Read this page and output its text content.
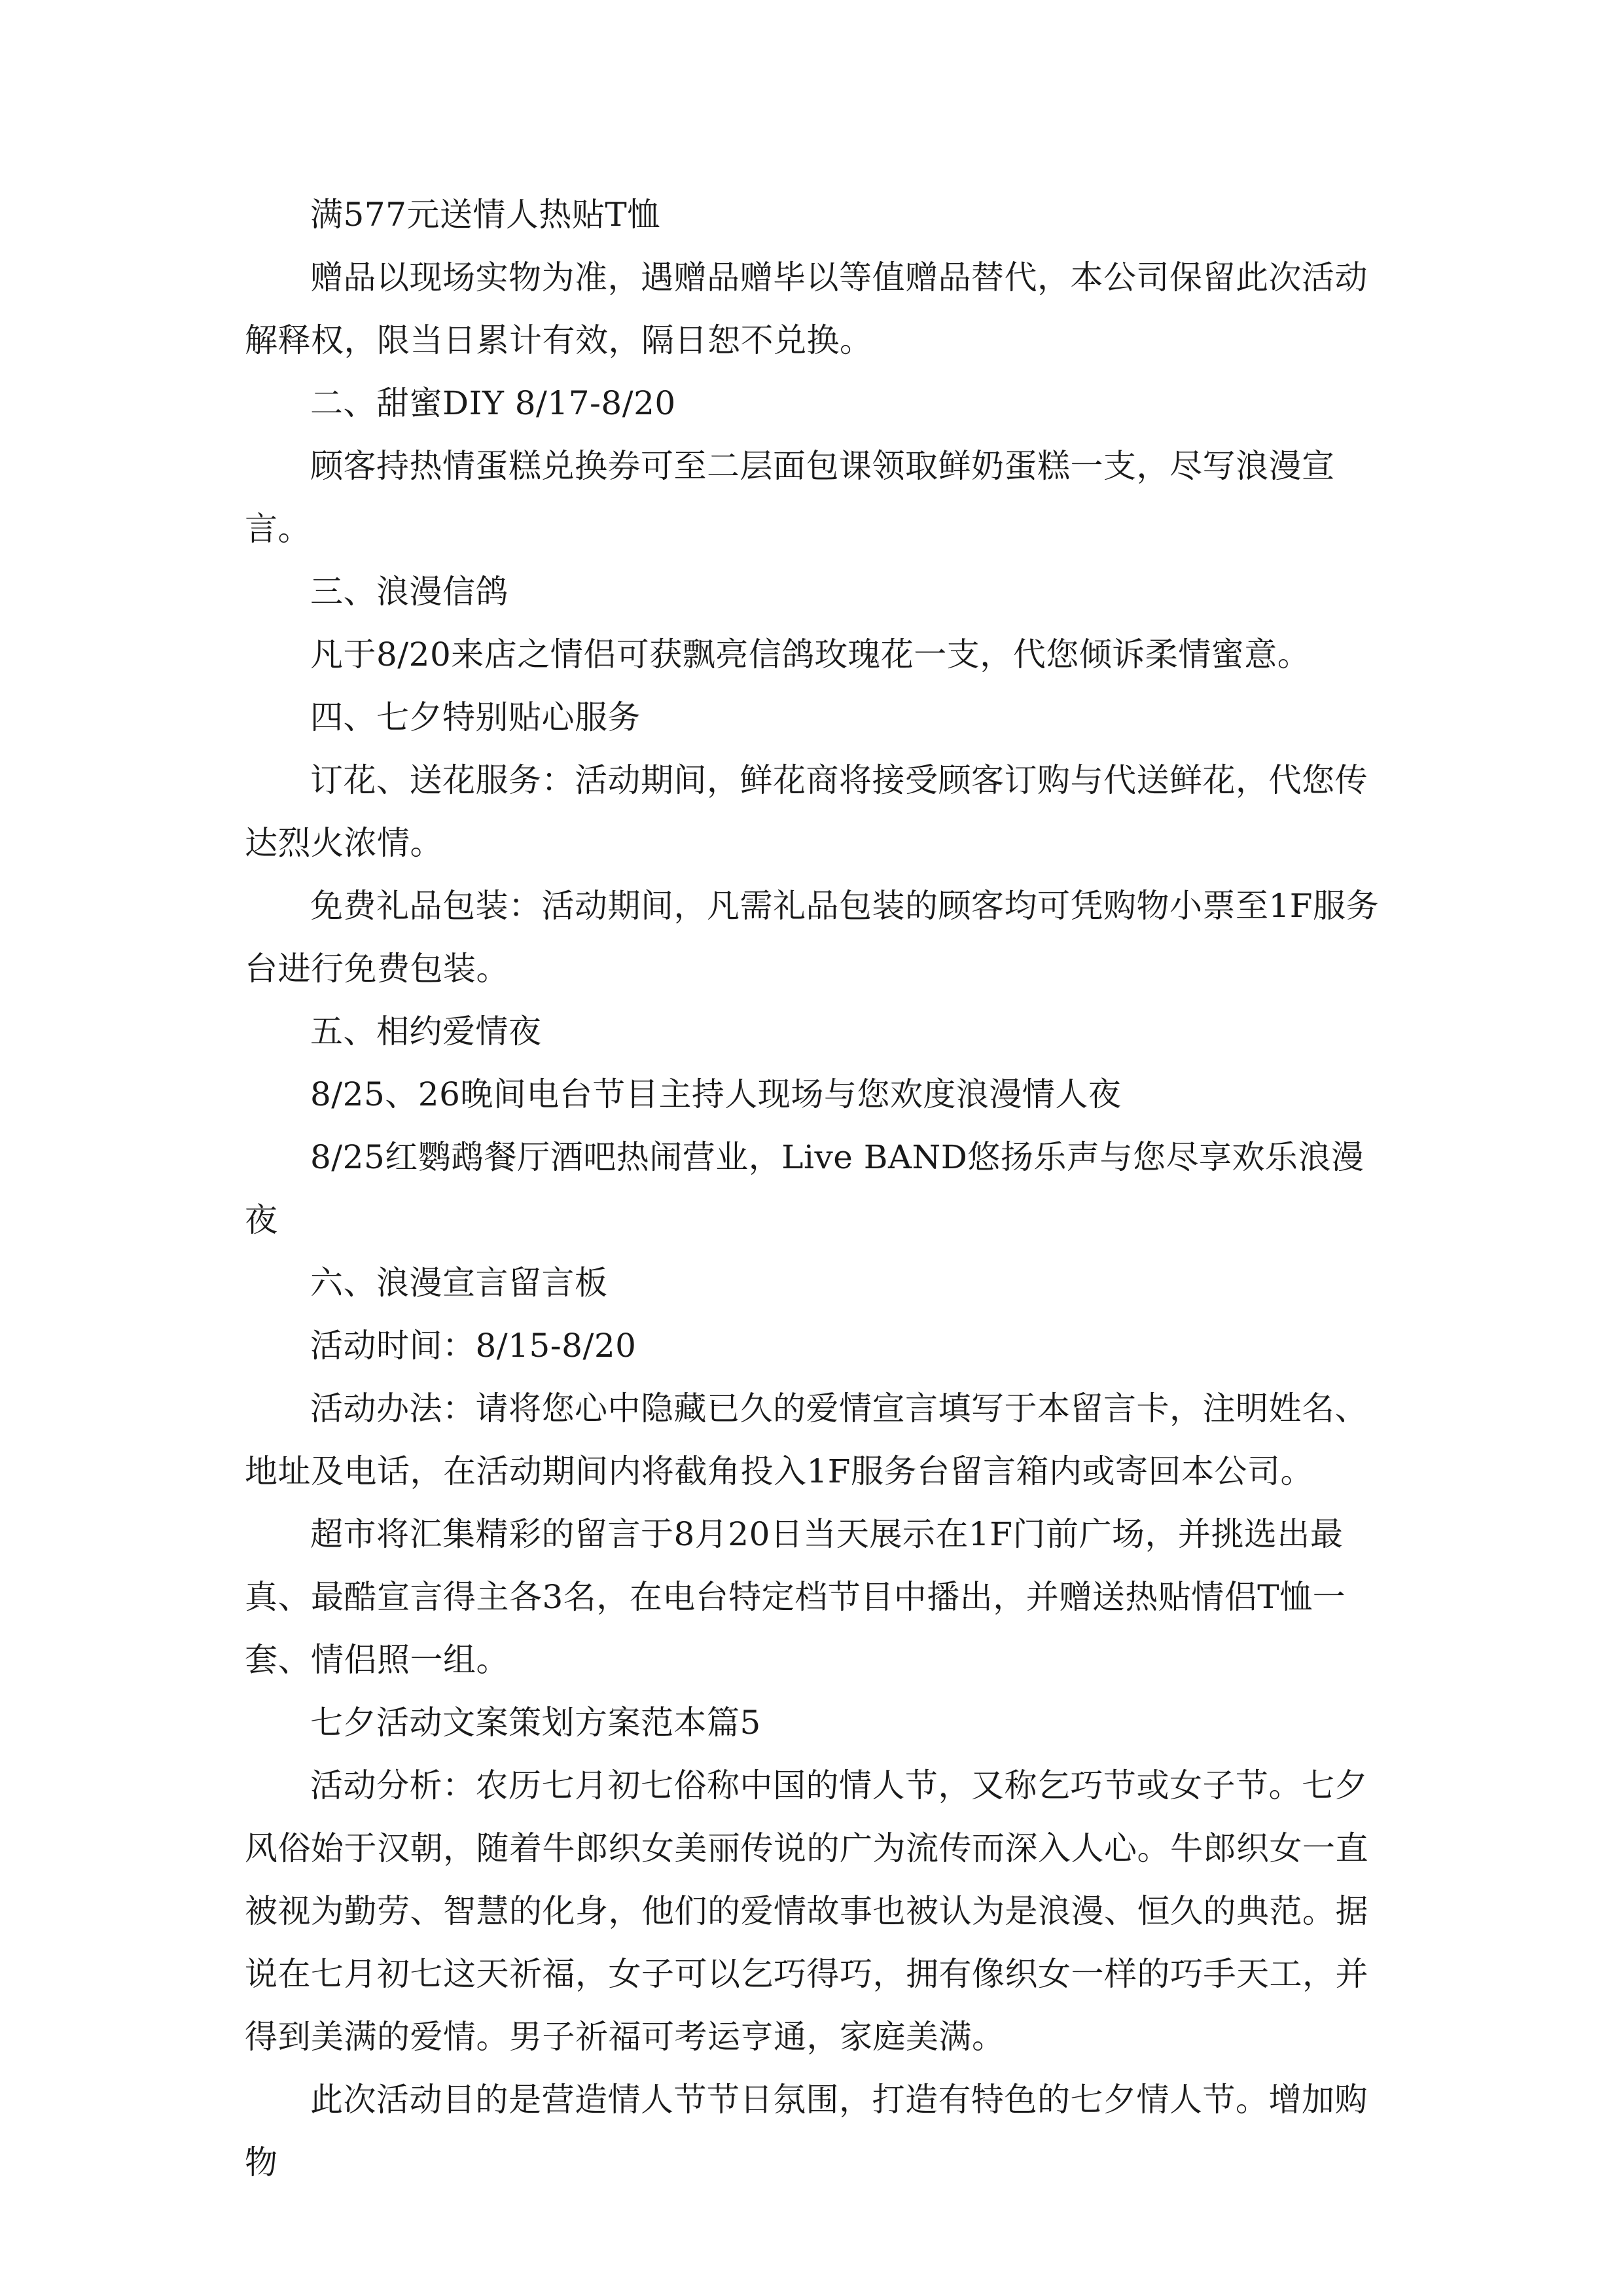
满577元送情人热贴T恤

赠品以现场实物为准，遇赠品赠毕以等值赠品替代，本公司保留此次活动解释权，限当日累计有效，隔日恕不兑换。

二、甜蜜DIY 8/17-8/20

顾客持热情蛋糕兑换券可至二层面包课领取鲜奶蛋糕一支，尽写浪漫宣言。

三、浪漫信鸽

凡于8/20来店之情侣可获飘亮信鸽玫瑰花一支，代您倾诉柔情蜜意。

四、七夕特别贴心服务

订花、送花服务：活动期间，鲜花商将接受顾客订购与代送鲜花，代您传达烈火浓情。

免费礼品包装：活动期间，凡需礼品包装的顾客均可凭购物小票至1F服务台进行免费包装。

五、相约爱情夜

8/25、26晚间电台节目主持人现场与您欢度浪漫情人夜

8/25红鹦鹉餐厅酒吧热闹营业，Live BAND悠扬乐声与您尽享欢乐浪漫夜

六、浪漫宣言留言板

活动时间：8/15-8/20

活动办法：请将您心中隐藏已久的爱情宣言填写于本留言卡，注明姓名、地址及电话，在活动期间内将截角投入1F服务台留言箱内或寄回本公司。

超市将汇集精彩的留言于8月20日当天展示在1F门前广场，并挑选出最真、最酷宣言得主各3名，在电台特定档节目中播出，并赠送热贴情侣T恤一套、情侣照一组。

七夕活动文案策划方案范本篇5

活动分析：农历七月初七俗称中国的情人节，又称乞巧节或女子节。七夕风俗始于汉朝，随着牛郎织女美丽传说的广为流传而深入人心。牛郎织女一直被视为勤劳、智慧的化身，他们的爱情故事也被认为是浪漫、恒久的典范。据说在七月初七这天祈福，女子可以乞巧得巧，拥有像织女一样的巧手天工，并得到美满的爱情。男子祈福可考运亨通，家庭美满。

此次活动目的是营造情人节节日氛围，打造有特色的七夕情人节。增加购物
